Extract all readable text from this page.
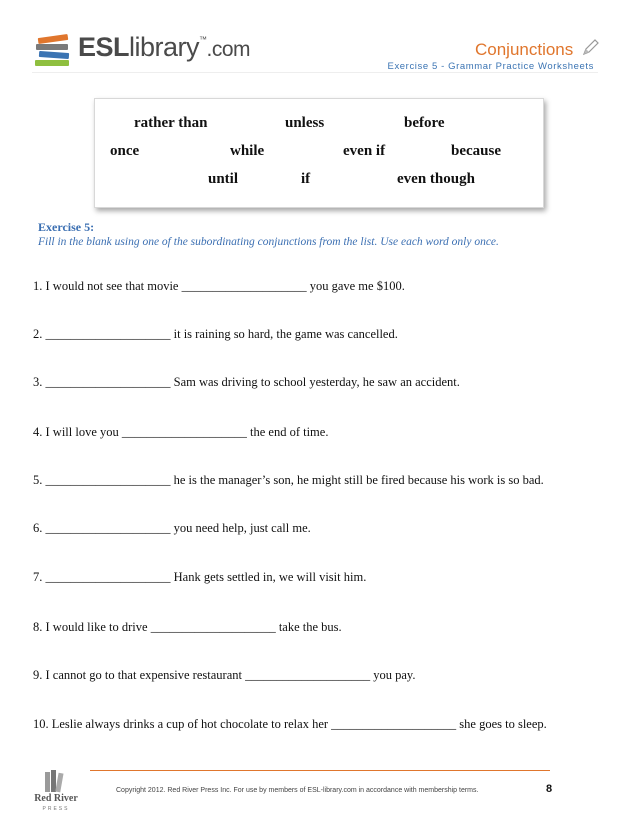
ESLlibrary™.com	Conjunctions
Exercise 5 - Grammar Practice Worksheets
rather than	unless	before
once	while	even if	because
until	if	even though
Exercise 5:
Fill in the blank using one of the subordinating conjunctions from the list. Use each word only once.
1. I would not see that movie ____________________ you gave me $100.
2. ____________________ it is raining so hard, the game was cancelled.
3. ____________________ Sam was driving to school yesterday, he saw an accident.
4. I will love you ____________________ the end of time.
5. ____________________ he is the manager’s son, he might still be fired because his work is so bad.
6. ____________________ you need help, just call me.
7. ____________________ Hank gets settled in, we will visit him.
8. I would like to drive ____________________ take the bus.
9. I cannot go to that expensive restaurant ____________________ you pay.
10. Leslie always drinks a cup of hot chocolate to relax her ____________________ she goes to sleep.
Red River
PRESS
Copyright 2012. Red River Press Inc. For use by members of ESL-library.com in accordance with membership terms.	8
